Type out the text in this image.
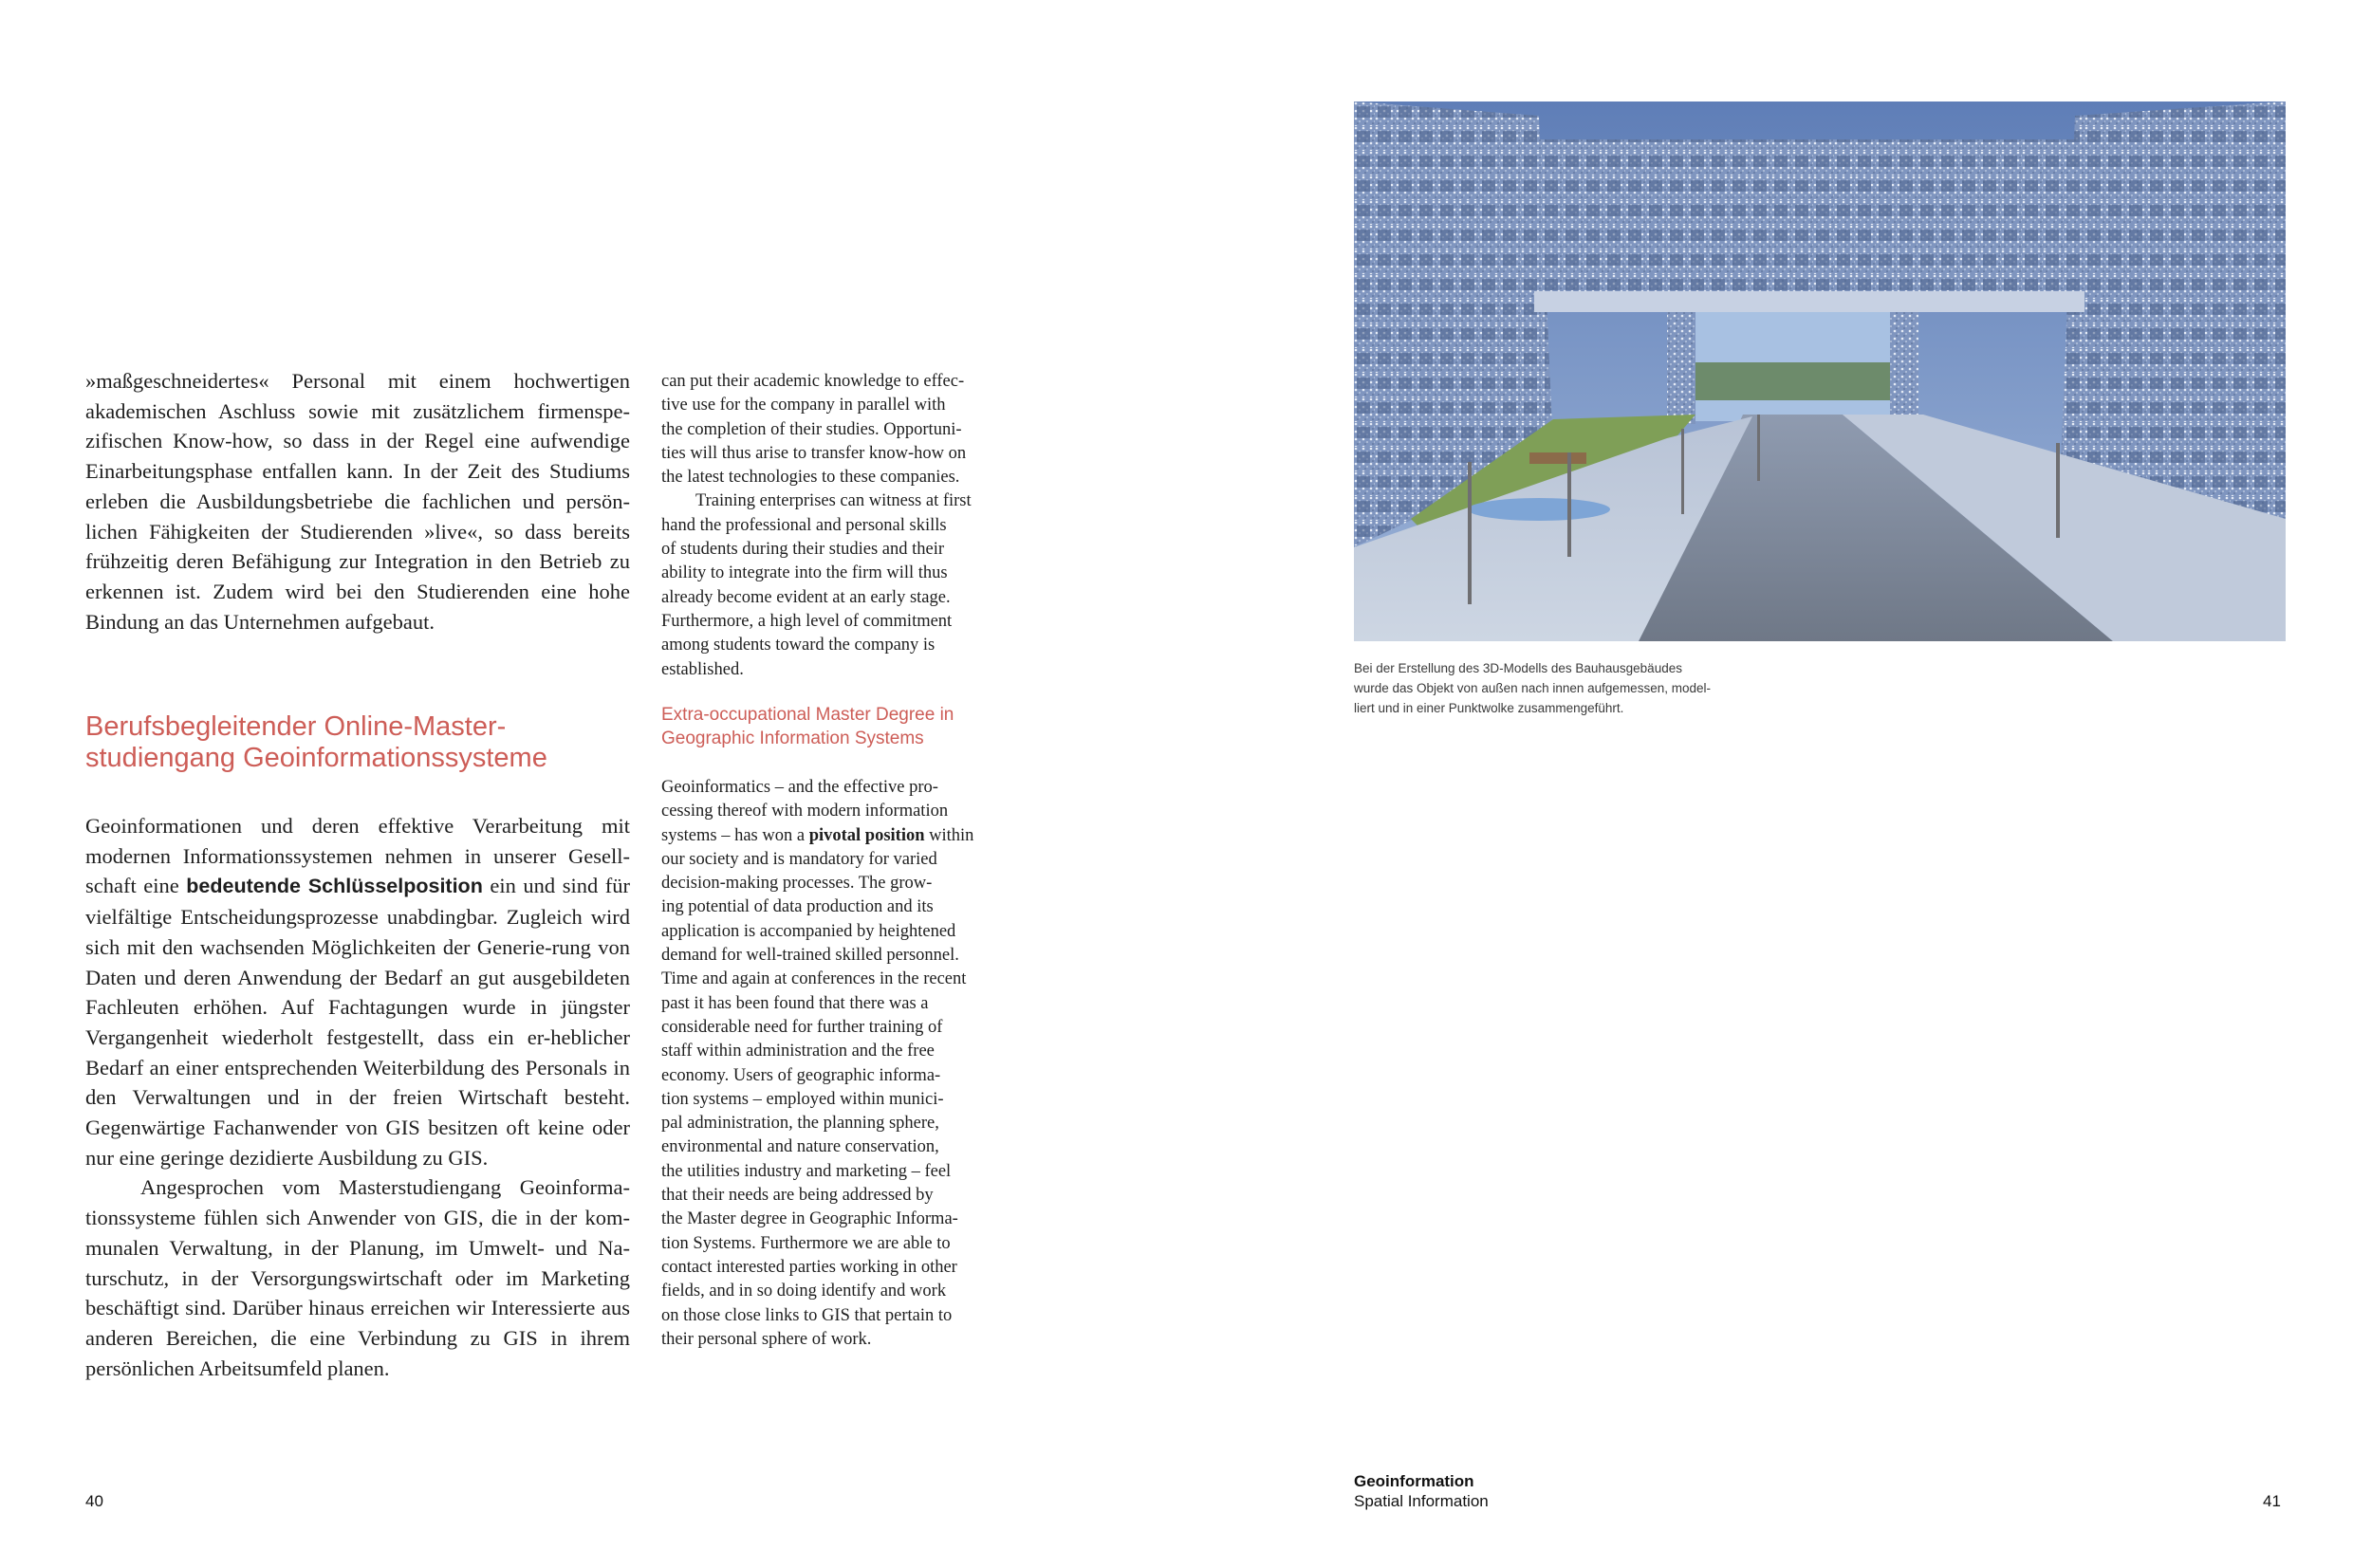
»maßgeschneidertes« Personal mit einem hochwertigen akademischen Aschluss sowie mit zusätzlichem firmenspe-zifischen Know-how, so dass in der Regel eine aufwendige Einarbeitungsphase entfallen kann. In der Zeit des Studiums erleben die Ausbildungsbetriebe die fachlichen und persön-lichen Fähigkeiten der Studierenden »live«, so dass bereits frühzeitig deren Befähigung zur Integration in den Betrieb zu erkennen ist. Zudem wird bei den Studierenden eine hohe Bindung an das Unternehmen aufgebaut.

Berufsbegleitender Online-Master-
studiengang Geoinformationssysteme

Geoinformationen und deren effektive Verarbeitung mit modernen Informationssystemen nehmen in unserer Gesell-schaft eine bedeutende Schlüsselposition ein und sind für vielfältige Entscheidungsprozesse unabdingbar. Zugleich wird sich mit den wachsenden Möglichkeiten der Generie-rung von Daten und deren Anwendung der Bedarf an gut ausgebildeten Fachleuten erhöhen. Auf Fachtagungen wurde in jüngster Vergangenheit wiederholt festgestellt, dass ein er-heblicher Bedarf an einer entsprechenden Weiterbildung des Personals in den Verwaltungen und in der freien Wirtschaft besteht. Gegenwärtige Fachanwender von GIS besitzen oft keine oder nur eine geringe dezidierte Ausbildung zu GIS.

Angesprochen vom Masterstudiengang Geoinforma-tionssysteme fühlen sich Anwender von GIS, die in der kom-munalen Verwaltung, in der Planung, im Umwelt- und Na-turschutz, in der Versorgungswirtschaft oder im Marketing beschäftigt sind. Darüber hinaus erreichen wir Interessierte aus anderen Bereichen, die eine Verbindung zu GIS in ihrem persönlichen Arbeitsumfeld planen.

can put their academic knowledge to effec-
tive use for the company in parallel with
the completion of their studies. Opportuni-
ties will thus arise to transfer know-how on
the latest technologies to these companies.

Training enterprises can witness at first
hand the professional and personal skills
of students during their studies and their
ability to integrate into the firm will thus
already become evident at an early stage.
Furthermore, a high level of commitment
among students toward the company is
established.

Extra-occupational Master Degree in
Geographic Information Systems

Geoinformatics – and the effective pro-
cessing thereof with modern information
systems – has won a pivotal position within
our society and is mandatory for varied
decision-making processes. The grow-
ing potential of data production and its
application is accompanied by heightened
demand for well-trained skilled personnel.
Time and again at conferences in the recent
past it has been found that there was a
considerable need for further training of
staff within administration and the free
economy. Users of geographic informa-
tion systems – employed within munici-
pal administration, the planning sphere,
environmental and nature conservation,
the utilities industry and marketing – feel
that their needs are being addressed by
the Master degree in Geographic Informa-
tion Systems. Furthermore we are able to
contact interested parties working in other
fields, and in so doing identify and work
on those close links to GIS that pertain to
their personal sphere of work.

Bei der Erstellung des 3D-Modells des Bauhausgebäudes
wurde das Objekt von außen nach innen aufgemessen, model-
liert und in einer Punktwolke zusammengeführt.
40
Geoinformation
Spatial Information	41
